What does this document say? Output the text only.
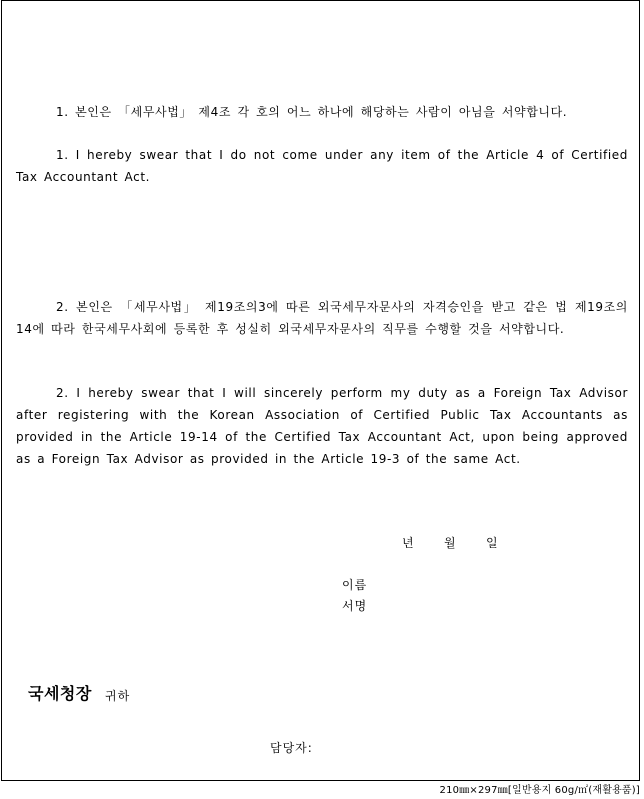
1. 본인은 「세무사법」 제4조 각 호의 어느 하나에 해당하는 사람이 아님을 서약합니다.
1. I hereby swear that I do not come under any item of the Article 4 of Certified Tax Accountant Act.
2. 본인은 「세무사법」 제19조의3에 따른 외국세무자문사의 자격승인을 받고 같은 법 제19조의14에 따라 한국세무사회에 등록한 후 성실히 외국세무자문사의 직무를 수행할 것을 서약합니다.
2. I hereby swear that I will sincerely perform my duty as a Foreign Tax Advisor after registering with the Korean Association of Certified Public Tax Accountants as provided in the Article 19-14 of the Certified Tax Accountant Act, upon being approved as a Foreign Tax Advisor as provided in the Article 19-3 of the same Act.
년 월 일
이름
서명
국세청장 귀하
담당자:
210㎜×297㎜[일반용지 60g/㎡(재활용품)]
